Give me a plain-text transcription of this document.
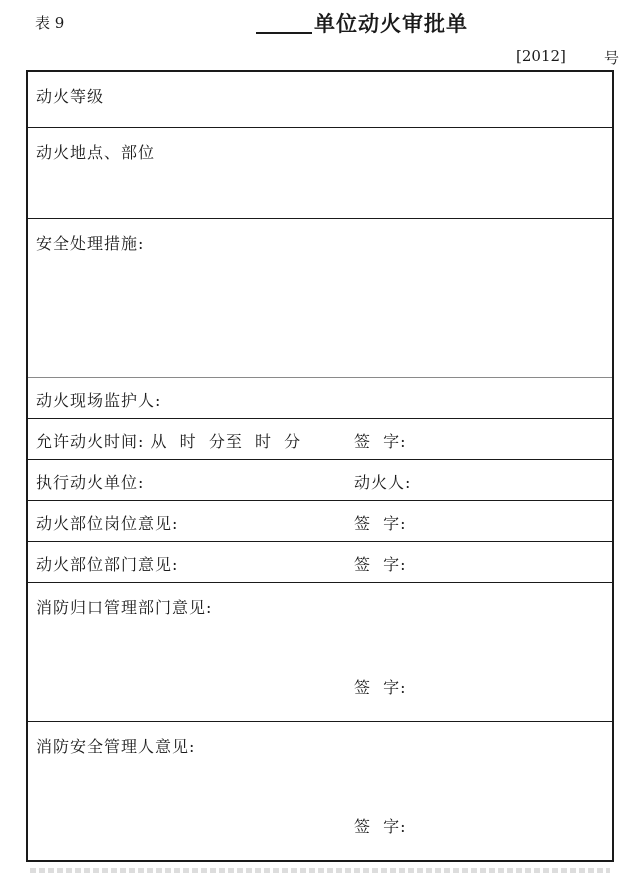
表 9	单位动火审批单
[2012]	号
动火等级
动火地点、部位
安全处理措施:
动火现场监护人:
允许动火时间: 从  时  分至  时  分	签  字:
执行动火单位:	动火人:
动火部位岗位意见:	签  字:
动火部位部门意见:	签  字:
消防归口管理部门意见:
签  字:
消防安全管理人意见:
签  字:
